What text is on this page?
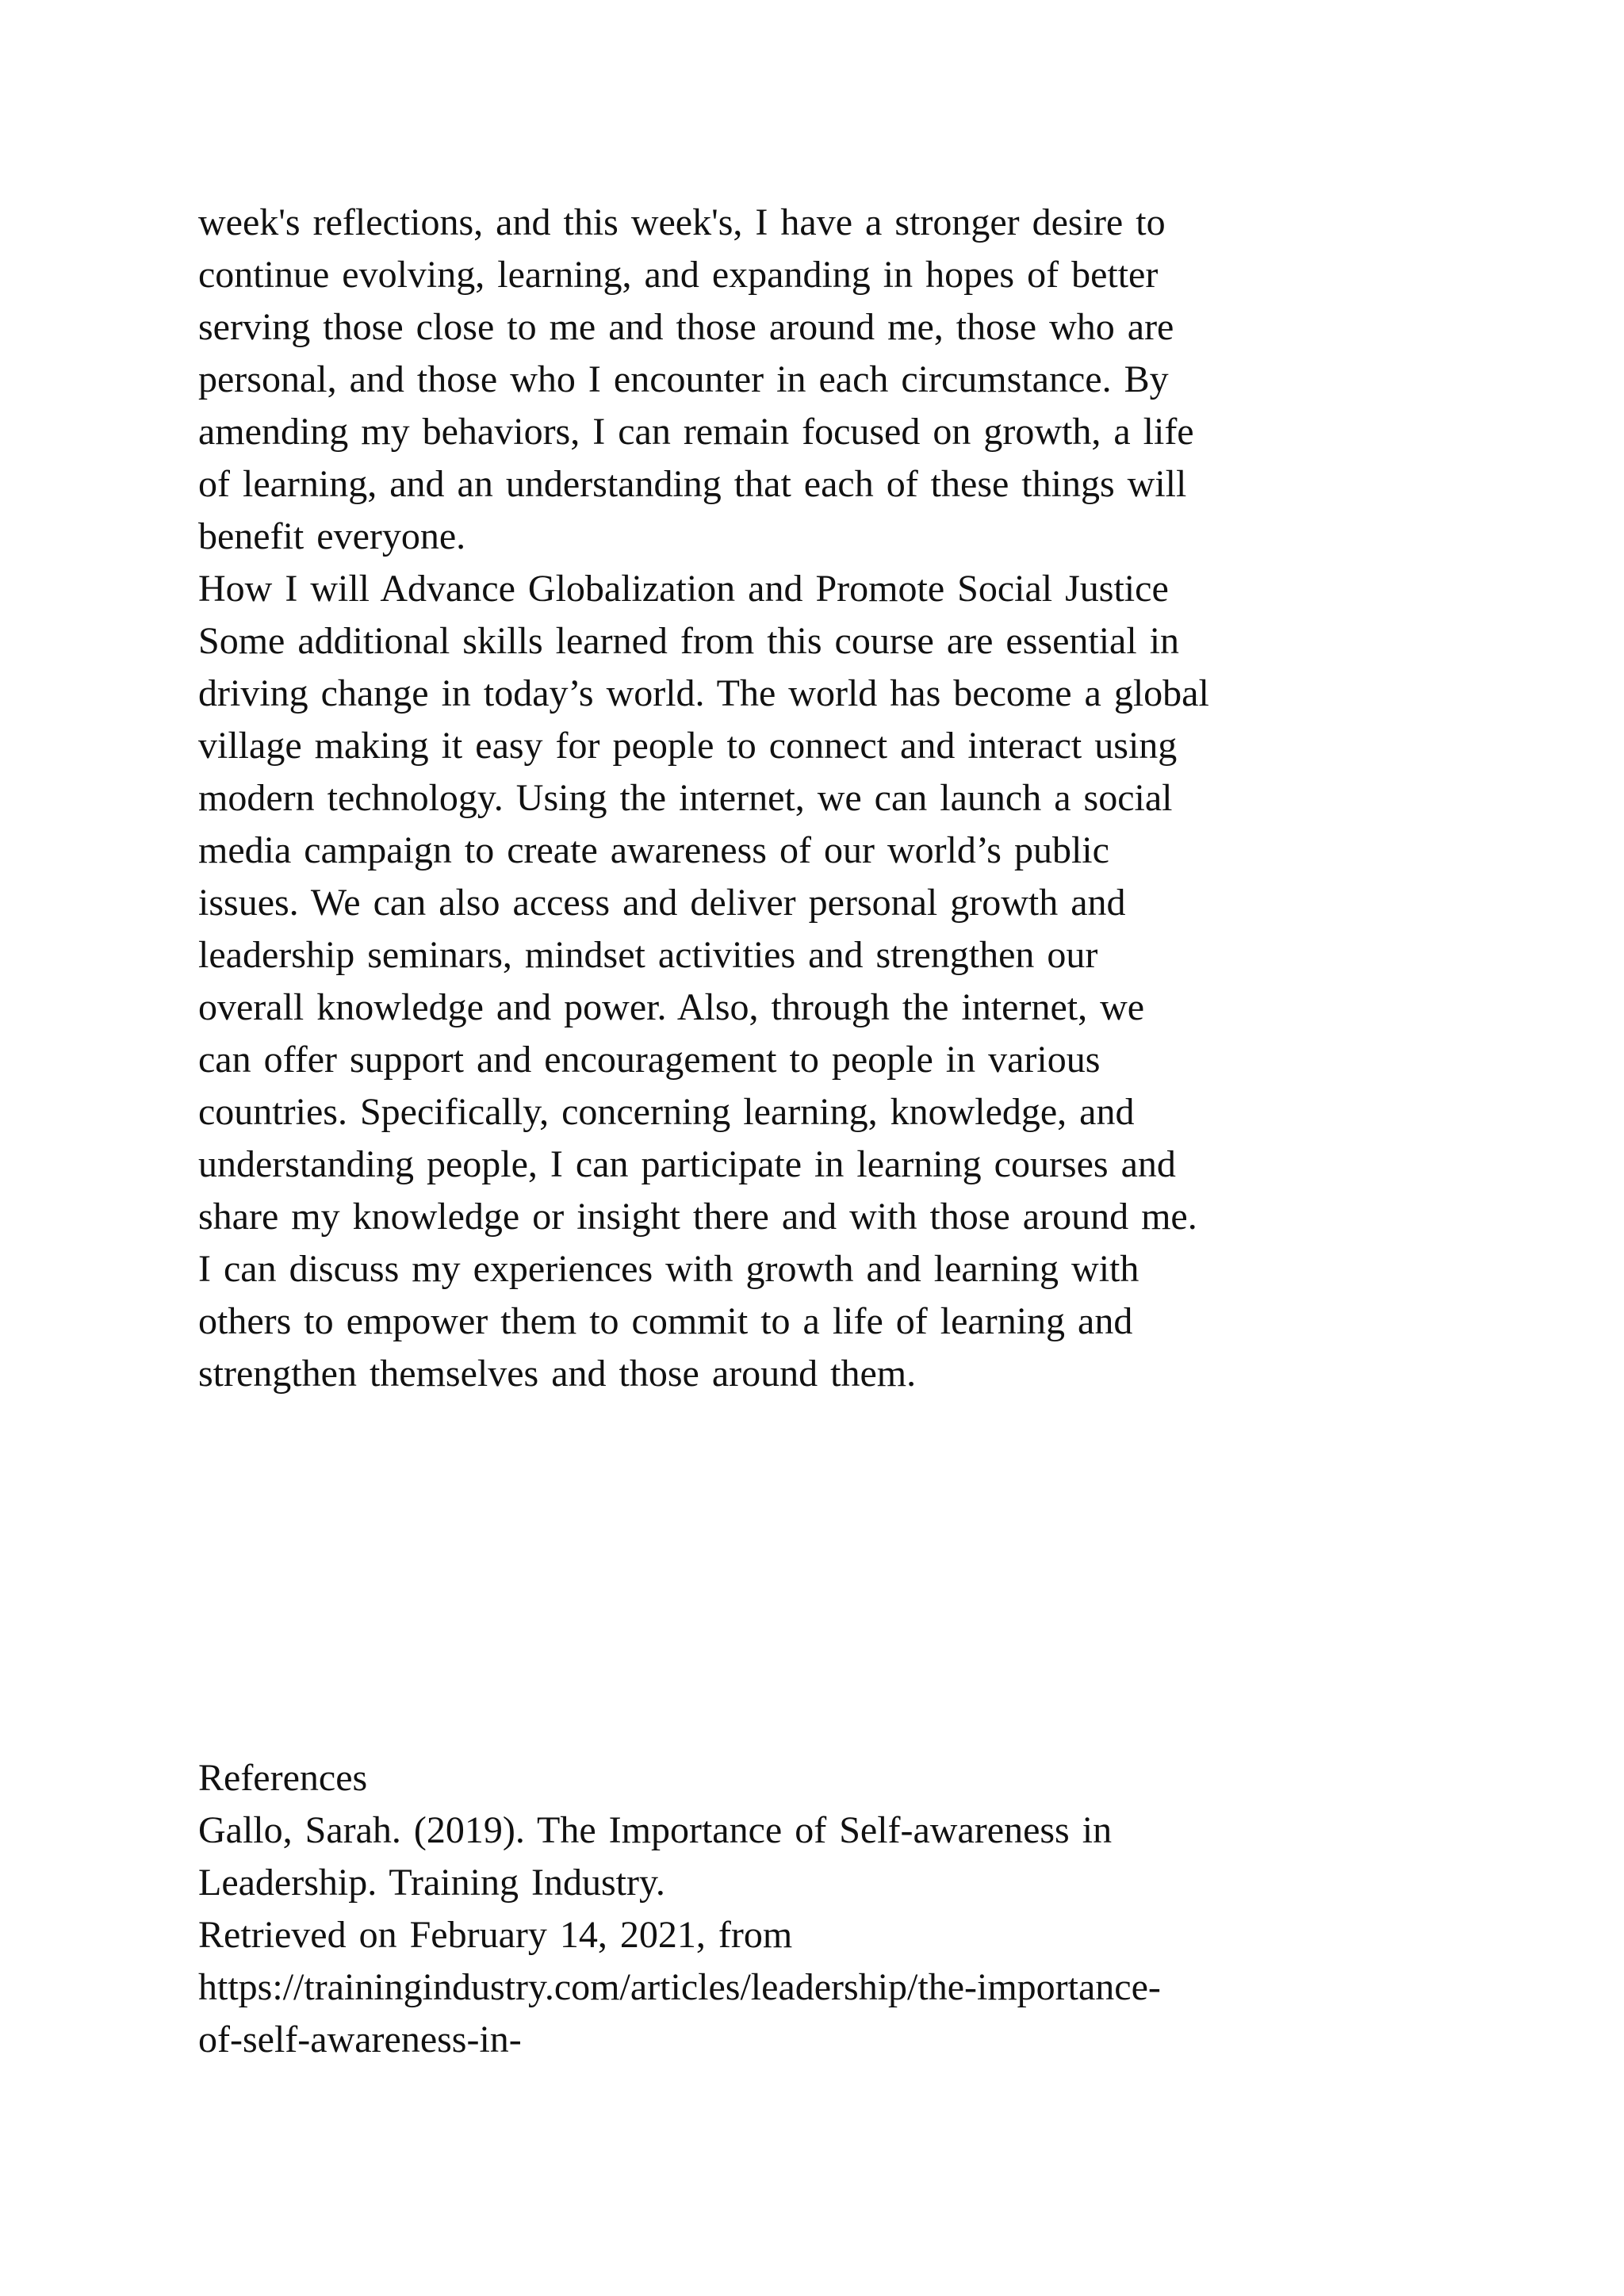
week's reflections, and this week's, I have a stronger desire to
continue evolving, learning, and expanding in hopes of better
serving those close to me and those around me, those who are
personal, and those who I encounter in each circumstance. By
amending my behaviors, I can remain focused on growth, a life
of learning, and an understanding that each of these things will
benefit everyone.
How I will Advance Globalization and Promote Social Justice
Some additional skills learned from this course are essential in
driving change in today’s world. The world has become a global
village making it easy for people to connect and interact using
modern technology. Using the internet, we can launch a social
media campaign to create awareness of our world’s public
issues. We can also access and deliver personal growth and
leadership seminars, mindset activities and strengthen our
overall knowledge and power. Also, through the internet, we
can offer support and encouragement to people in various
countries. Specifically, concerning learning, knowledge, and
understanding people, I can participate in learning courses and
share my knowledge or insight there and with those around me.
I can discuss my experiences with growth and learning with
others to empower them to commit to a life of learning and
strengthen themselves and those around them.
References
Gallo, Sarah. (2019). The Importance of Self-awareness in
Leadership. Training Industry.
Retrieved on February 14, 2021, from
https://trainingindustry.com/articles/leadership/the-importance-
of-self-awareness-in-
